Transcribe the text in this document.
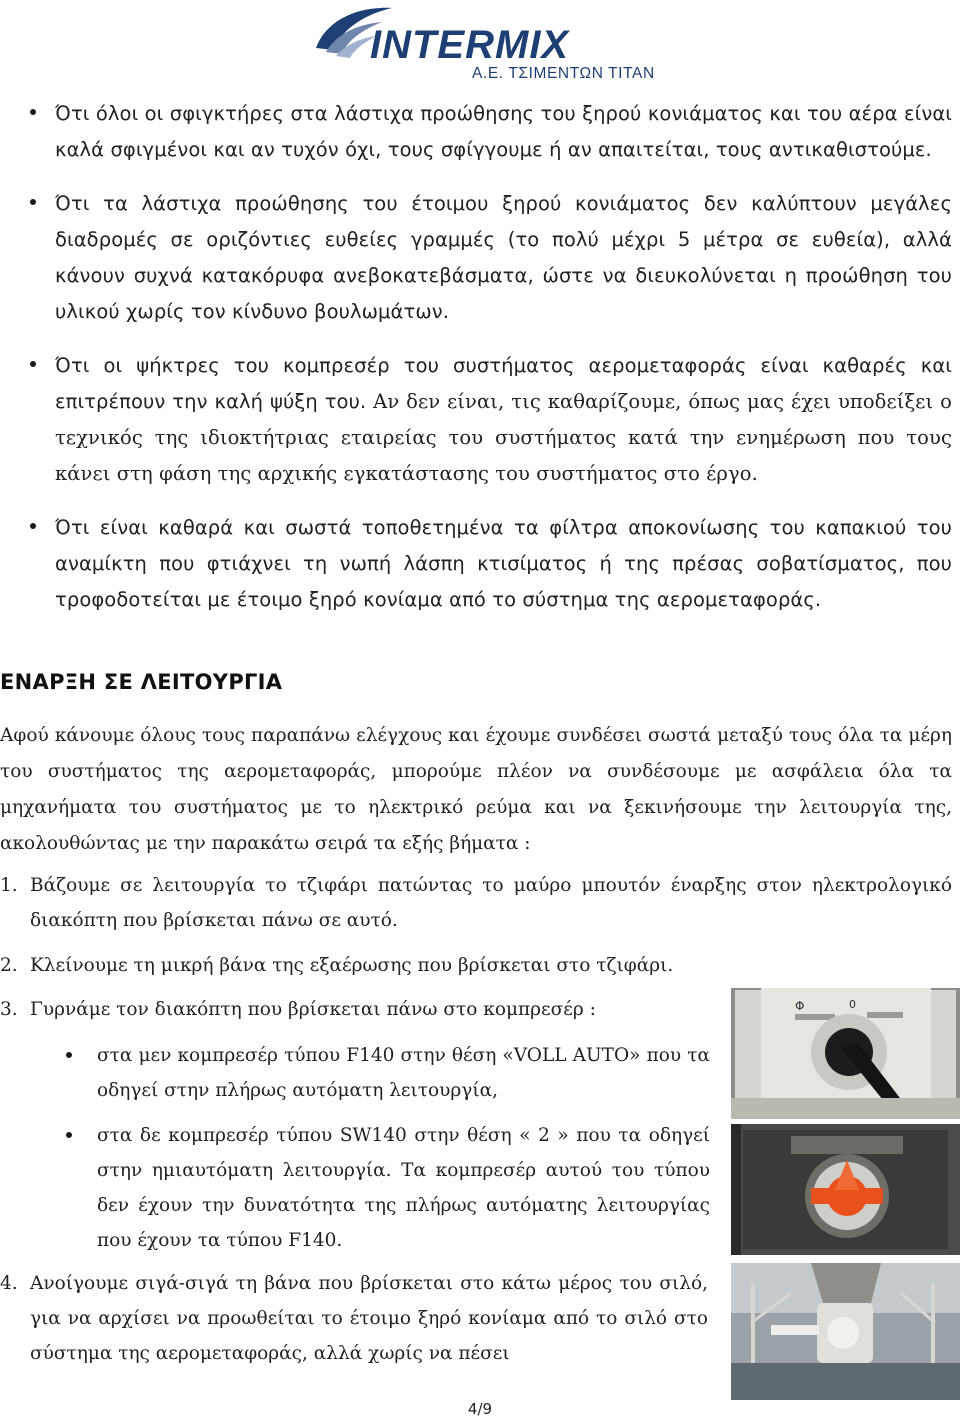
INTERMIX
Α.Ε. ΤΣΙΜΕΝΤΩΝ ΤΙΤΑΝ
Ότι όλοι οι σφιγκτήρες στα λάστιχα προώθησης του ξηρού κονιάματος και του αέρα είναι καλά σφιγμένοι και αν τυχόν όχι, τους σφίγγουμε ή αν απαιτείται, τους αντικαθιστούμε.
Ότι τα λάστιχα προώθησης του έτοιμου ξηρού κονιάματος δεν καλύπτουν μεγάλες διαδρομές σε οριζόντιες ευθείες γραμμές (το πολύ μέχρι 5 μέτρα σε ευθεία), αλλά κάνουν συχνά κατακόρυφα ανεβοκατεβάσματα, ώστε να διευκολύνεται η προώθηση του υλικού χωρίς τον κίνδυνο βουλωμάτων.
Ότι οι ψήκτρες του κομπρεσέρ του συστήματος αερομεταφοράς είναι καθαρές και επιτρέπουν την καλή ψύξη του. Αν δεν είναι, τις καθαρίζουμε, όπως μας έχει υποδείξει ο τεχνικός της ιδιοκτήτριας εταιρείας του συστήματος κατά την ενημέρωση που τους κάνει στη φάση της αρχικής εγκατάστασης του συστήματος στο έργο.
Ότι είναι καθαρά και σωστά τοποθετημένα τα φίλτρα αποκονίωσης του καπακιού του αναμίκτη που φτιάχνει τη νωπή λάσπη κτισίματος ή της πρέσας σοβατίσματος, που τροφοδοτείται με έτοιμο ξηρό κονίαμα από το σύστημα της αερομεταφοράς.
ΕΝΑΡΞΗ ΣΕ ΛΕΙΤΟΥΡΓΙΑ
Αφού κάνουμε όλους τους παραπάνω ελέγχους και έχουμε συνδέσει σωστά μεταξύ τους όλα τα μέρη του συστήματος της αερομεταφοράς, μπορούμε πλέον να συνδέσουμε με ασφάλεια όλα τα μηχανήματα του συστήματος με το ηλεκτρικό ρεύμα και να ξεκινήσουμε την λειτουργία της, ακολουθώντας με την παρακάτω σειρά τα εξής βήματα :
1. Βάζουμε σε λειτουργία το τζιφάρι πατώντας το μαύρο μπουτόν έναρξης στον ηλεκτρολογικό διακόπτη που βρίσκεται πάνω σε αυτό.
2. Κλείνουμε τη μικρή βάνα της εξαέρωσης που βρίσκεται στο τζιφάρι.
3. Γυρνάμε τον διακόπτη που βρίσκεται πάνω στο κομπρεσέρ :
στα μεν κομπρεσέρ τύπου F140 στην θέση «VOLL AUTO» που τα οδηγεί στην πλήρως αυτόματη λειτουργία,
στα δε κομπρεσέρ τύπου SW140 στην θέση « 2 » που τα οδηγεί στην ημιαυτόματη λειτουργία. Τα κομπρεσέρ αυτού του τύπου δεν έχουν την δυνατότητα της πλήρως αυτόματης λειτουργίας που έχουν τα τύπου F140.
4. Ανοίγουμε σιγά-σιγά τη βάνα που βρίσκεται στο κάτω μέρος του σιλό, για να αρχίσει να προωθείται το έτοιμο ξηρό κονίαμα από το σιλό στο σύστημα της αερομεταφοράς, αλλά χωρίς να πέσει
Φ	0
4/9
